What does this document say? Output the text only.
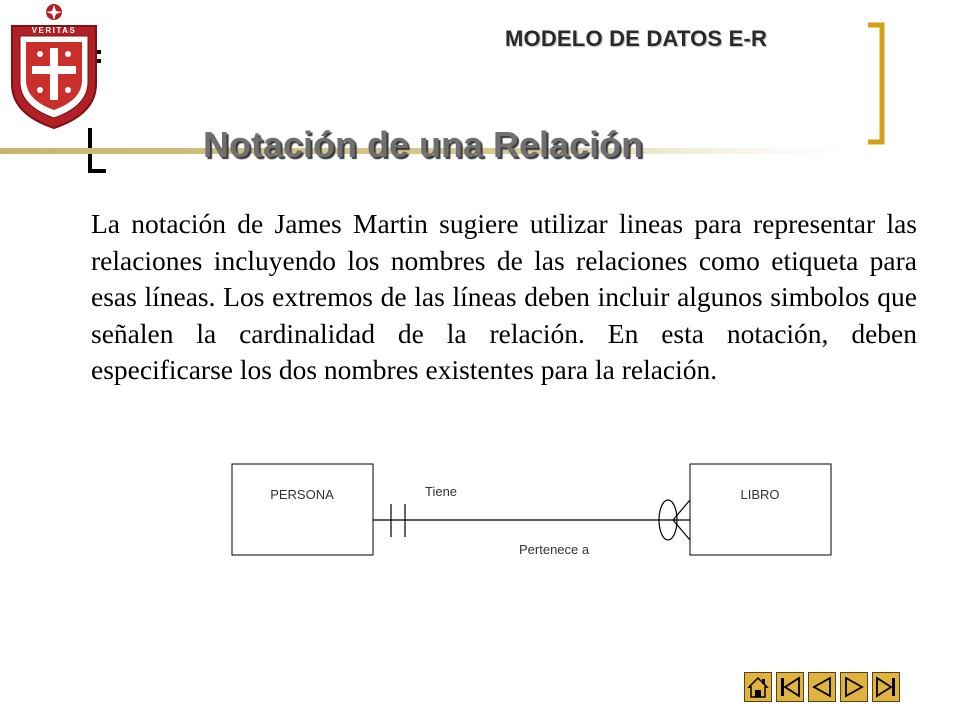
VERITAS	MODELO DE DATOS E-R
Notación de una Relación

La notación de James Martin sugiere utilizar lineas para representar las relaciones incluyendo los nombres de las relaciones como etiqueta para esas líneas. Los extremos de las líneas deben incluir algunos simbolos que señalen la cardinalidad de la relación. En esta notación, deben especificarse los dos nombres existentes para la relación.

PERSONA	LIBRO
Tiene
Pertenece a
